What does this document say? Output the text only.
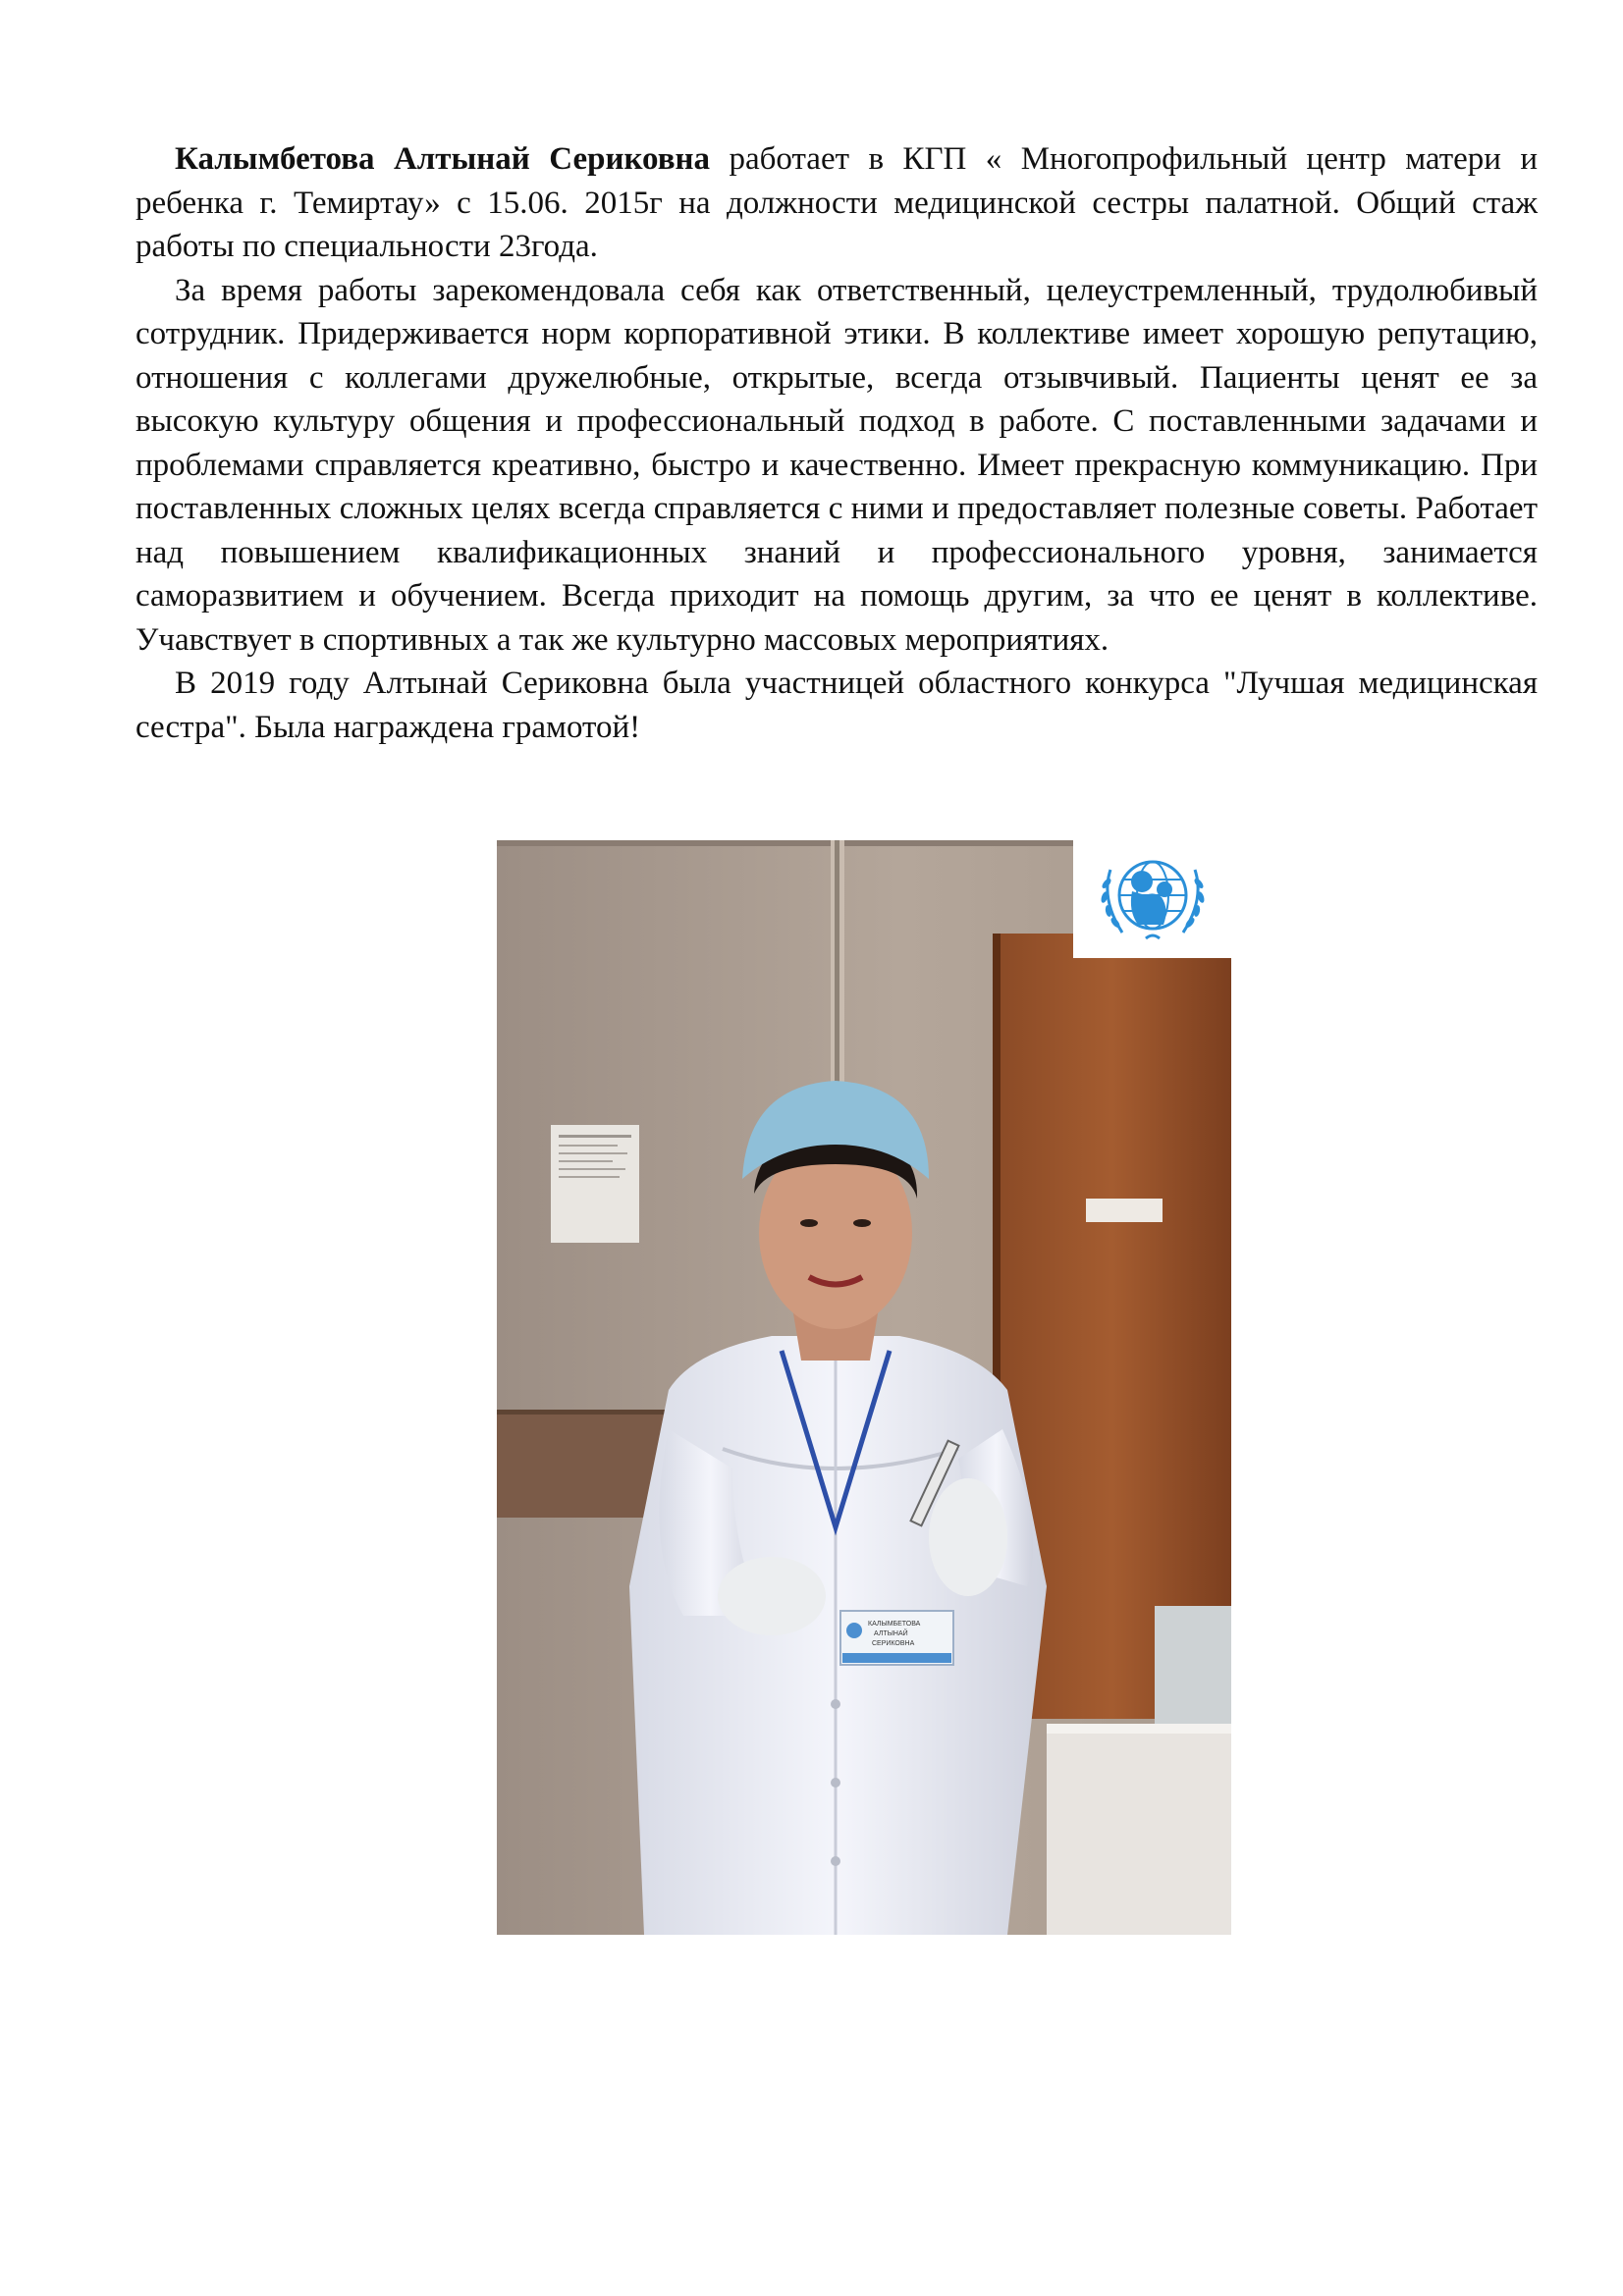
Калымбетова Алтынай Сериковна работает в КГП « Многопрофильный центр матери и ребенка г. Темиртау» с 15.06. 2015г на должности медицинской сестры палатной. Общий стаж работы по специальности 23года.

За время работы зарекомендовала себя как ответственный, целеустремленный, трудолюбивый сотрудник. Придерживается норм корпоративной этики. В коллективе имеет хорошую репутацию, отношения с коллегами дружелюбные, открытые, всегда отзывчивый. Пациенты ценят ее за высокую культуру общения и профессиональный подход в работе. С поставленными задачами и проблемами справляется креативно, быстро и качественно. Имеет прекрасную коммуникацию. При поставленных сложных целях всегда справляется с ними и предоставляет полезные советы. Работает над повышением квалификационных знаний и профессионального уровня, занимается саморазвитием и обучением. Всегда приходит на помощь другим, за что ее ценят в коллективе. Учавствует в спортивных а так же культурно массовых мероприятиях.

В 2019 году Алтынай Сериковна была участницей областного конкурса "Лучшая медицинская сестра". Была награждена грамотой!

КАЛЫМБЕТОВА
АЛТЫНАЙ
СЕРИКОВНА
